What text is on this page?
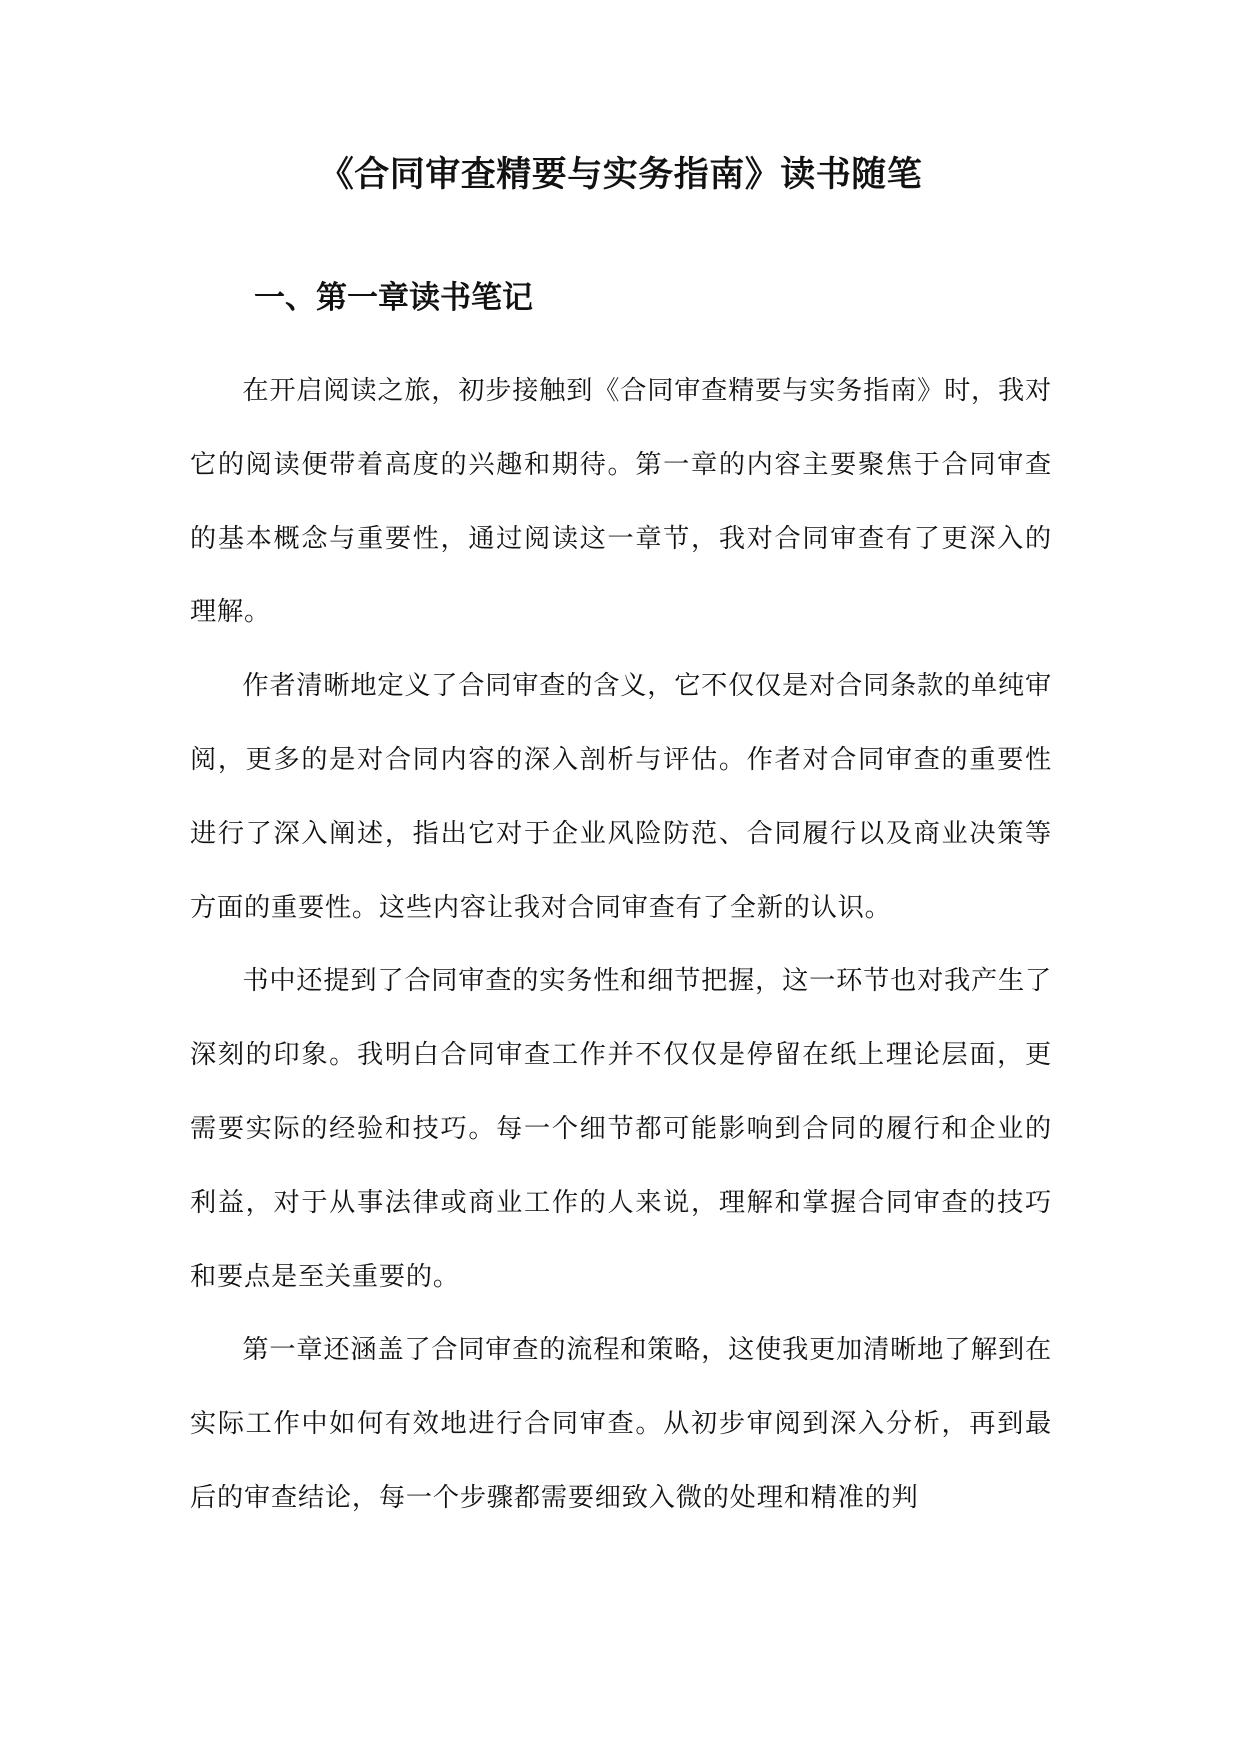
《合同审查精要与实务指南》读书随笔
一、第一章读书笔记

在开启阅读之旅，初步接触到《合同审查精要与实务指南》时，我对它的阅读便带着高度的兴趣和期待。第一章的内容主要聚焦于合同审查的基本概念与重要性，通过阅读这一章节，我对合同审查有了更深入的理解。

作者清晰地定义了合同审查的含义，它不仅仅是对合同条款的单纯审阅，更多的是对合同内容的深入剖析与评估。作者对合同审查的重要性进行了深入阐述，指出它对于企业风险防范、合同履行以及商业决策等方面的重要性。这些内容让我对合同审查有了全新的认识。

书中还提到了合同审查的实务性和细节把握，这一环节也对我产生了深刻的印象。我明白合同审查工作并不仅仅是停留在纸上理论层面，更需要实际的经验和技巧。每一个细节都可能影响到合同的履行和企业的利益，对于从事法律或商业工作的人来说，理解和掌握合同审查的技巧和要点是至关重要的。

第一章还涵盖了合同审查的流程和策略，这使我更加清晰地了解到在实际工作中如何有效地进行合同审查。从初步审阅到深入分析，再到最后的审查结论，每一个步骤都需要细致入微的处理和精准的判
